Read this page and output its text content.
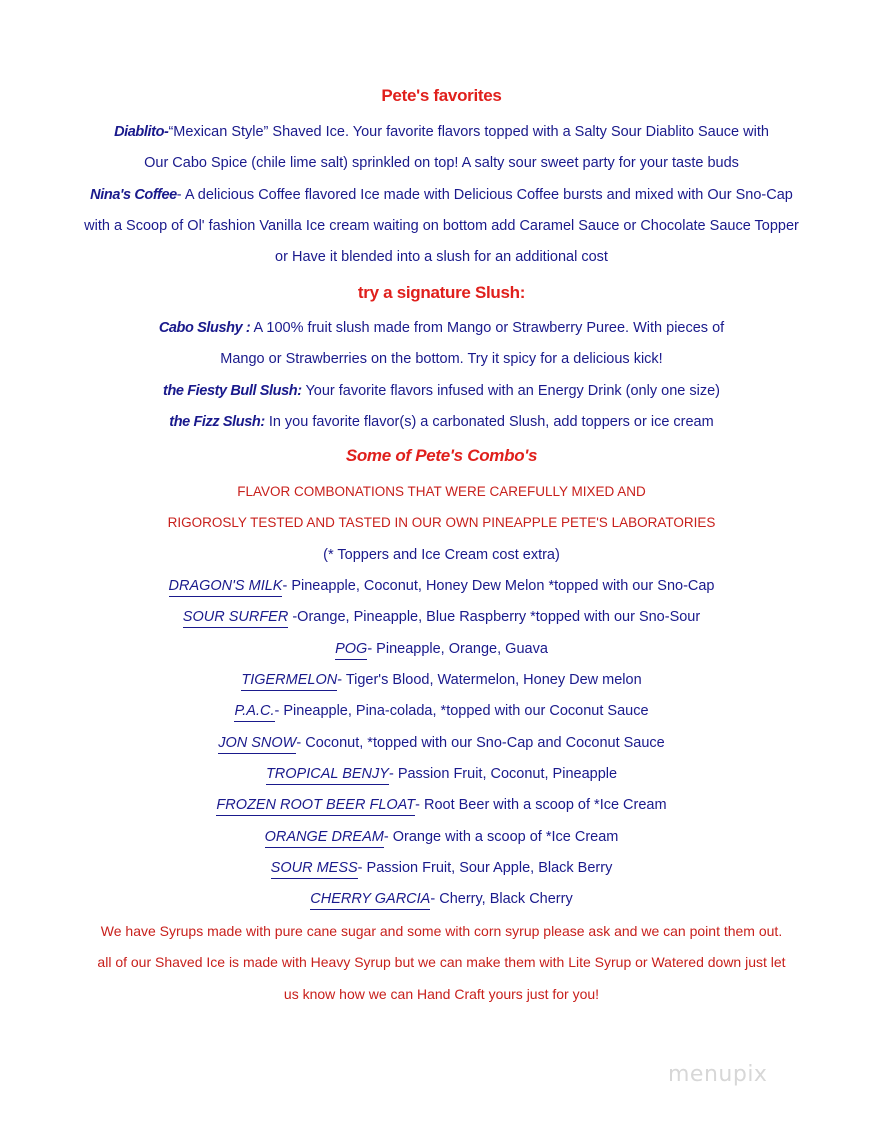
Pete's favorites
Diablito-“Mexican Style” Shaved Ice. Your favorite flavors topped with a Salty Sour Diablito Sauce with
Our Cabo Spice (chile lime salt) sprinkled on top! A salty sour sweet party for your taste buds
Nina's Coffee- A delicious Coffee flavored Ice made with Delicious Coffee bursts and mixed with Our Sno-Cap
with a Scoop of Ol' fashion Vanilla Ice cream waiting on bottom add Caramel Sauce or Chocolate Sauce Topper
or Have it blended into a slush for an additional cost
try a signature Slush:
Cabo Slushy : A 100% fruit slush made from Mango or Strawberry Puree. With pieces of
Mango or Strawberries on the bottom. Try it spicy for a delicious kick!
the Fiesty Bull Slush: Your favorite flavors infused with an Energy Drink (only one size)
the Fizz Slush: In you favorite flavor(s) a carbonated Slush, add toppers or ice cream
Some of Pete's Combo's
FLAVOR COMBONATIONS THAT WERE CAREFULLY MIXED AND
RIGOROSLY TESTED AND TASTED IN OUR OWN PINEAPPLE PETE'S LABORATORIES
(* Toppers and Ice Cream cost extra)
DRAGON'S MILK- Pineapple, Coconut, Honey Dew Melon *topped with our Sno-Cap
SOUR SURFER -Orange, Pineapple, Blue Raspberry *topped with our Sno-Sour
POG- Pineapple, Orange, Guava
TIGERMELON- Tiger's Blood, Watermelon, Honey Dew melon
P.A.C.- Pineapple, Pina-colada, *topped with our Coconut Sauce
JON SNOW- Coconut, *topped with our Sno-Cap and Coconut Sauce
TROPICAL BENJY- Passion Fruit, Coconut, Pineapple
FROZEN ROOT BEER FLOAT- Root Beer with a scoop of *Ice Cream
ORANGE DREAM- Orange with a scoop of *Ice Cream
SOUR MESS- Passion Fruit, Sour Apple, Black Berry
CHERRY GARCIA- Cherry, Black Cherry
We have Syrups made with pure cane sugar and some with corn syrup please ask and we can point them out.
all of our Shaved Ice is made with Heavy Syrup but we can make them with Lite Syrup or Watered down just let
us know how we can Hand Craft yours just for you!
menupix
